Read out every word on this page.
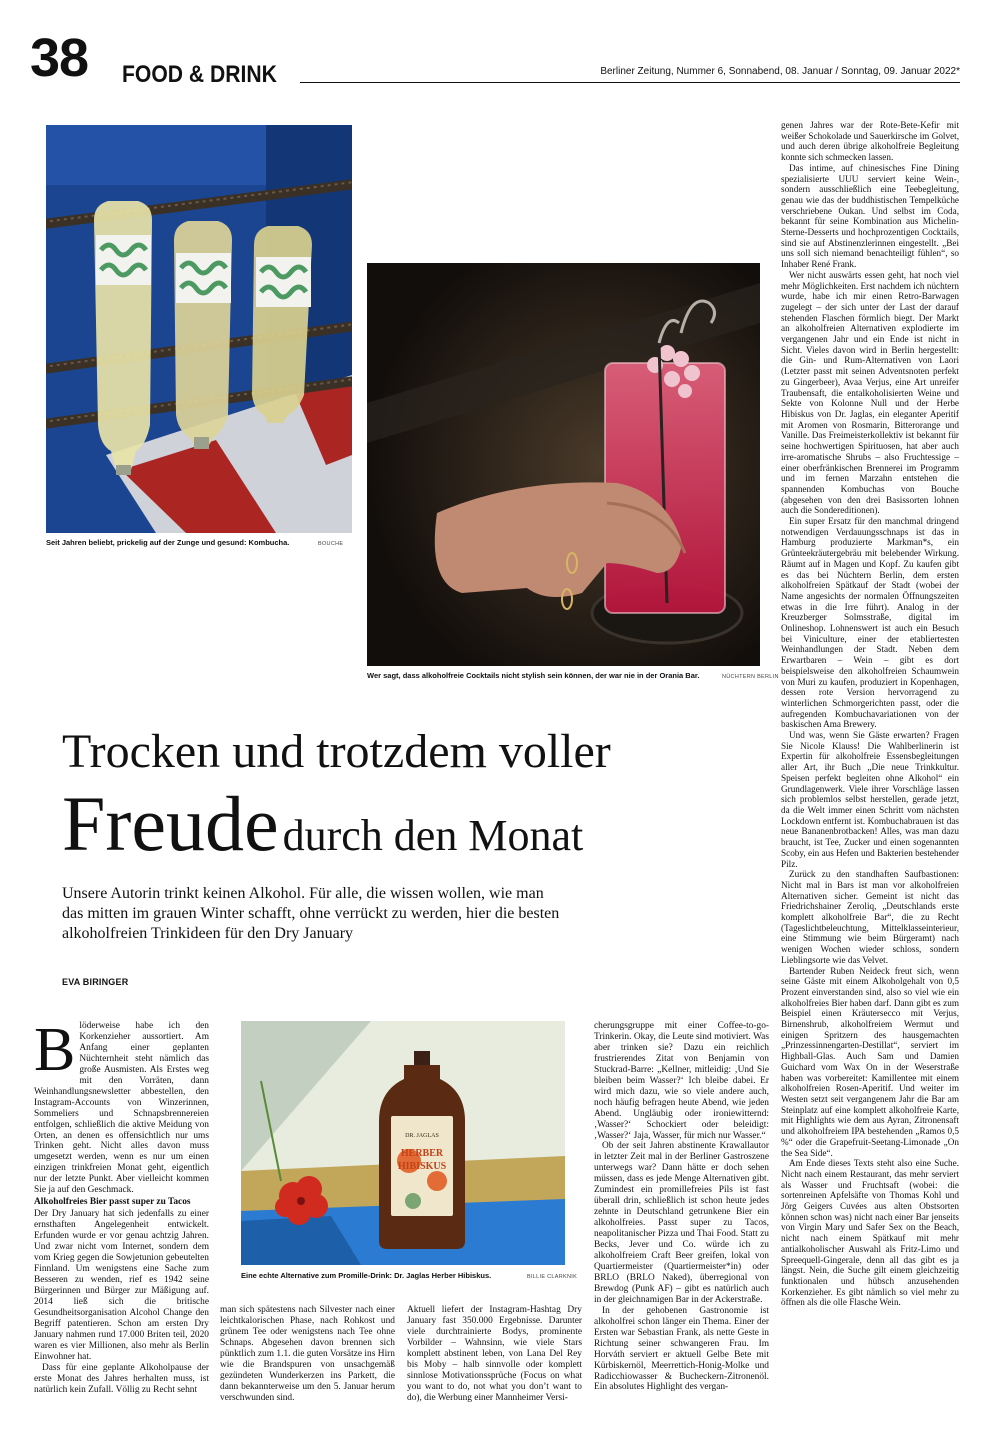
38 FOOD & DRINK	Berliner Zeitung, Nummer 6, Sonnabend, 08. Januar / Sonntag, 09. Januar 2022*
Seit Jahren beliebt, prickelig auf der Zunge und gesund: Kombucha.	BOUCHE
Wer sagt, dass alkoholfreie Cocktails nicht stylish sein können, der war nie in der Orania Bar.	NÜCHTERN BERLIN
Trocken und trotzdem voller
Freude durch den Monat
Unsere Autorin trinkt keinen Alkohol. Für alle, die wissen wollen, wie man das mitten im grauen Winter schafft, ohne verrückt zu werden, hier die besten alkoholfreien Trinkideen für den Dry January
EVA BIRINGER

Blöderweise habe ich den Korkenzieher aussortiert. Am Anfang einer geplanten Nüchternheit steht nämlich das große Ausmisten. Als Erstes weg mit den Vorräten, dann Weinhandlungsnewsletter abbestellen, den Instagram-Accounts von Winzerinnen, Sommeliers und Schnapsbrennereien entfolgen, schließlich die aktive Meidung von Orten, an denen es offensichtlich nur ums Trinken geht. Nicht alles davon muss umgesetzt werden, wenn es nur um einen einzigen trinkfreien Monat geht, eigentlich nur der letzte Punkt. Aber vielleicht kommen Sie ja auf den Geschmack.

Alkoholfreies Bier passt super zu Tacos

Der Dry January hat sich jedenfalls zu einer ernsthaften Angelegenheit entwickelt. Erfunden wurde er vor genau achtzig Jahren. Und zwar nicht vom Internet, sondern dem vom Krieg gegen die Sowjetunion gebeutelten Finnland. Um wenigstens eine Sache zum Besseren zu wenden, rief es 1942 seine Bürgerinnen und Bürger zur Mäßigung auf. 2014 ließ sich die britische Gesundheitsorganisation Alcohol Change den Begriff patentieren. Schon am ersten Dry January nahmen rund 17.000 Briten teil, 2020 waren es vier Millionen, also mehr als Berlin Einwohner hat.

Dass für eine geplante Alkoholpause der erste Monat des Jahres herhalten muss, ist natürlich kein Zufall. Völlig zu Recht sehnt

DR. JAGLAS
HERBER
HIBISKUS
Eine echte Alternative zum Promille-Drink: Dr. Jaglas Herber Hibiskus.	BILLIE CLARKNIK

man sich spätestens nach Silvester nach einer leichtkalorischen Phase, nach Rohkost und grünem Tee oder wenigstens nach Tee ohne Schnaps. Abgesehen davon brennen sich pünktlich zum 1.1. die guten Vorsätze ins Hirn wie die Brandspuren von unsachgemäß gezündeten Wunderkerzen ins Parkett, die dann bekannterweise um den 5. Januar herum verschwunden sind.

Aktuell liefert der Instagram-Hashtag Dry January fast 350.000 Ergebnisse. Darunter viele durchtrainierte Bodys, prominente Vorbilder – Wahnsinn, wie viele Stars komplett abstinent leben, von Lana Del Rey bis Moby – halb sinnvolle oder komplett sinnlose Motivationssprüche (Focus on what you want to do, not what you don’t want to do), die Werbung einer Mannheimer Versi-

cherungsgruppe mit einer Coffee-to-go-Trinkerin. Okay, die Leute sind motiviert. Was aber trinken sie? Dazu ein reichlich frustrierendes Zitat von Benjamin von Stuckrad-Barre: „Kellner, mitleidig: ‚Und Sie bleiben beim Wasser?‘ Ich bleibe dabei. Er wird mich dazu, wie so viele andere auch, noch häufig befragen heute Abend, wie jeden Abend. Ungläubig oder ironiewitternd: ‚Wasser?‘ Schockiert oder beleidigt: ‚Wasser?‘ Jaja, Wasser, für mich nur Wasser.“

Ob der seit Jahren abstinente Krawallautor in letzter Zeit mal in der Berliner Gastroszene unterwegs war? Dann hätte er doch sehen müssen, dass es jede Menge Alternativen gibt. Zumindest ein promillefreies Pils ist fast überall drin, schließlich ist schon heute jedes zehnte in Deutschland getrunkene Bier ein alkoholfreies. Passt super zu Tacos, neapolitanischer Pizza und Thai Food. Statt zu Becks, Jever und Co. würde ich zu alkoholfreiem Craft Beer greifen, lokal von Quartiermeister (Quartiermeister*in) oder BRLO (BRLO Naked), überregional von Brewdog (Punk AF) – gibt es natürlich auch in der gleichnamigen Bar in der Ackerstraße.

In der gehobenen Gastronomie ist alkoholfrei schon länger ein Thema. Einer der Ersten war Sebastian Frank, als nette Geste in Richtung seiner schwangeren Frau. Im Horváth serviert er aktuell Gelbe Bete mit Kürbiskernöl, Meerrettich-Honig-Molke und Radicchiowasser & Bucheckern-Zitronenöl. Ein absolutes Highlight des vergan-

genen Jahres war der Rote-Bete-Kefir mit weißer Schokolade und Sauerkirsche im Golvet, und auch deren übrige alkoholfreie Begleitung konnte sich schmecken lassen.

Das intime, auf chinesisches Fine Dining spezialisierte UUU serviert keine Wein-, sondern ausschließlich eine Teebegleitung, genau wie das der buddhistischen Tempelküche verschriebene Oukan. Und selbst im Coda, bekannt für seine Kombination aus Michelin-Sterne-Desserts und hochprozentigen Cocktails, sind sie auf Abstinenzlerinnen eingestellt. „Bei uns soll sich niemand benachteiligt fühlen“, so Inhaber René Frank.

Wer nicht auswärts essen geht, hat noch viel mehr Möglichkeiten. Erst nachdem ich nüchtern wurde, habe ich mir einen Retro-Barwagen zugelegt – der sich unter der Last der darauf stehenden Flaschen förmlich biegt. Der Markt an alkoholfreien Alternativen explodierte im vergangenen Jahr und ein Ende ist nicht in Sicht. Vieles davon wird in Berlin hergestellt: die Gin- und Rum-Alternativen von Laori (Letzter passt mit seinen Adventsnoten perfekt zu Gingerbeer), Avaa Verjus, eine Art unreifer Traubensaft, die entalkoholisierten Weine und Sekte von Kolonne Null und der Herbe Hibiskus von Dr. Jaglas, ein eleganter Aperitif mit Aromen von Rosmarin, Bitterorange und Vanille. Das Freimeisterkollektiv ist bekannt für seine hochwertigen Spirituosen, hat aber auch irre-aromatische Shrubs – also Fruchtessige – einer oberfränkischen Brennerei im Programm und im fernen Marzahn entstehen die spannenden Kombuchas von Bouche (abgesehen von den drei Basissorten lohnen auch die Sondereditionen).

Ein super Ersatz für den manchmal dringend notwendigen Verdauungsschnaps ist das in Hamburg produzierte Markman*s, ein Grünteekräutergebräu mit belebender Wirkung. Räumt auf in Magen und Kopf. Zu kaufen gibt es das bei Nüchtern Berlin, dem ersten alkoholfreien Spätkauf der Stadt (wobei der Name angesichts der normalen Öffnungszeiten etwas in die Irre führt). Analog in der Kreuzberger Solmsstraße, digital im Onlineshop. Lohnenswert ist auch ein Besuch bei Viniculture, einer der etabliertesten Weinhandlungen der Stadt. Neben dem Erwartbaren – Wein – gibt es dort beispielsweise den alkoholfreien Schaumwein von Muri zu kaufen, produziert in Kopenhagen, dessen rote Version hervorragend zu winterlichen Schmorgerichten passt, oder die aufregenden Kombuchavariationen von der baskischen Ama Brewery.

Und was, wenn Sie Gäste erwarten? Fragen Sie Nicole Klauss! Die Wahlberlinerin ist Expertin für alkoholfreie Essensbegleitungen aller Art, ihr Buch „Die neue Trinkkultur. Speisen perfekt begleiten ohne Alkohol“ ein Grundlagenwerk. Viele ihrer Vorschläge lassen sich problemlos selbst herstellen, gerade jetzt, da die Welt immer einen Schritt vom nächsten Lockdown entfernt ist. Kombuchabrauen ist das neue Bananenbrotbacken! Alles, was man dazu braucht, ist Tee, Zucker und einen sogenannten Scoby, ein aus Hefen und Bakterien bestehender Pilz.

Zurück zu den standhaften Saufbastionen: Nicht mal in Bars ist man vor alkoholfreien Alternativen sicher. Gemeint ist nicht das Friedrichshainer Zeroliq, „Deutschlands erste komplett alkoholfreie Bar“, die zu Recht (Tageslichtbeleuchtung, Mittelklasseinterieur, eine Stimmung wie beim Bürgeramt) nach wenigen Wochen wieder schloss, sondern Lieblingsorte wie das Velvet.

Bartender Ruben Neideck freut sich, wenn seine Gäste mit einem Alkoholgehalt von 0,5 Prozent einverstanden sind, also so viel wie ein alkoholfreies Bier haben darf. Dann gibt es zum Beispiel einen Kräutersecco mit Verjus, Birnenshrub, alkoholfreiem Wermut und einigen Spritzern des hausgemachten „Prinzessinnengarten-Destillat“, serviert im Highball-Glas. Auch Sam und Damien Guichard vom Wax On in der Weserstraße haben was vorbereitet: Kamillentee mit einem alkoholfreien Rosen-Aperitif. Und weiter im Westen setzt seit vergangenem Jahr die Bar am Steinplatz auf eine komplett alkoholfreie Karte, mit Highlights wie dem aus Ayran, Zitronensaft und alkoholfreiem IPA bestehenden „Ramos 0,5 %“ oder die Grapefruit-Seetang-Limonade „On the Sea Side“.

Am Ende dieses Texts steht also eine Suche. Nicht nach einem Restaurant, das mehr serviert als Wasser und Fruchtsaft (wobei: die sortenreinen Apfelsäfte von Thomas Kohl und Jörg Geigers Cuvées aus alten Obstsorten können schon was) nicht nach einer Bar jenseits von Virgin Mary und Safer Sex on the Beach, nicht nach einem Spätkauf mit mehr antialkoholischer Auswahl als Fritz-Limo und Spreequell-Gingerale, denn all das gibt es ja längst. Nein, die Suche gilt einem gleichzeitig funktionalen und hübsch anzusehenden Korkenzieher. Es gibt nämlich so viel mehr zu öffnen als die olle Flasche Wein.
